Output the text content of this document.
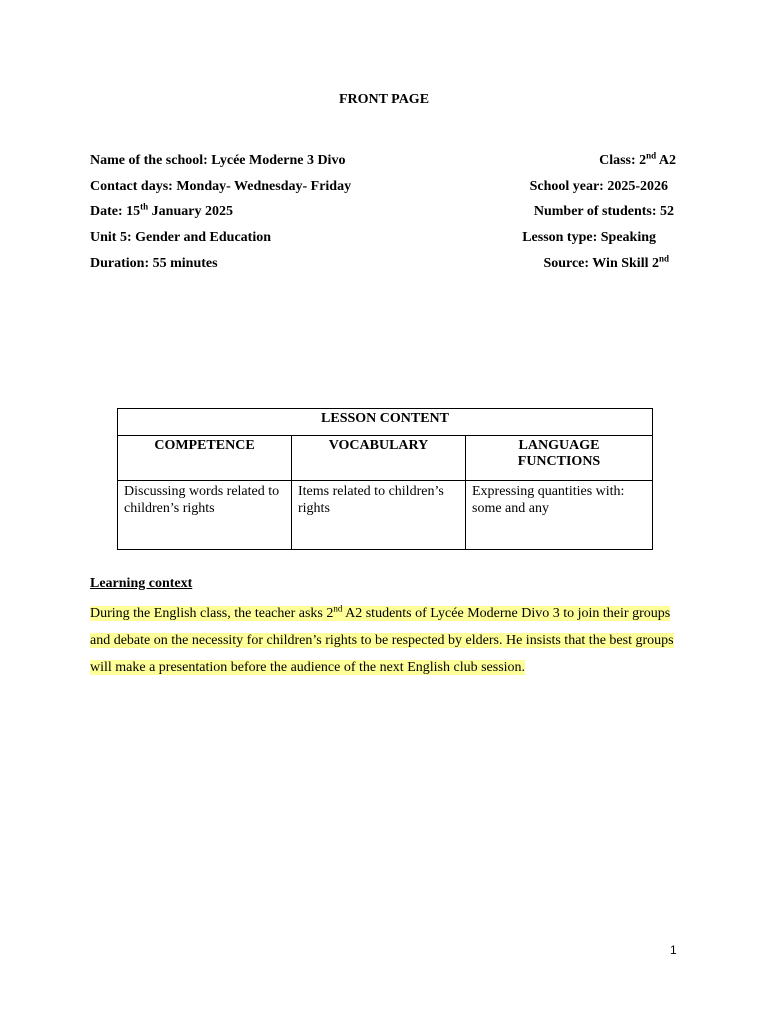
FRONT PAGE
Name of the school: Lycée Moderne 3 Divo	Class: 2nd A2
Contact days: Monday- Wednesday- Friday	School year: 2025-2026
Date: 15th January 2025	Number of students: 52
Unit 5: Gender and Education	Lesson type: Speaking
Duration: 55 minutes	Source: Win Skill 2nd
LESSON CONTENT		
COMPETENCE	VOCABULARY	LANGUAGE FUNCTIONS
Discussing words related to children’s rights	Items related to children’s rights	Expressing quantities with: some and any
Learning context
During the English class, the teacher asks 2nd A2 students of Lycée Moderne Divo 3 to join their groups and debate on the necessity for children’s rights to be respected by elders. He insists that the best groups will make a presentation before the audience of the next English club session.
1
